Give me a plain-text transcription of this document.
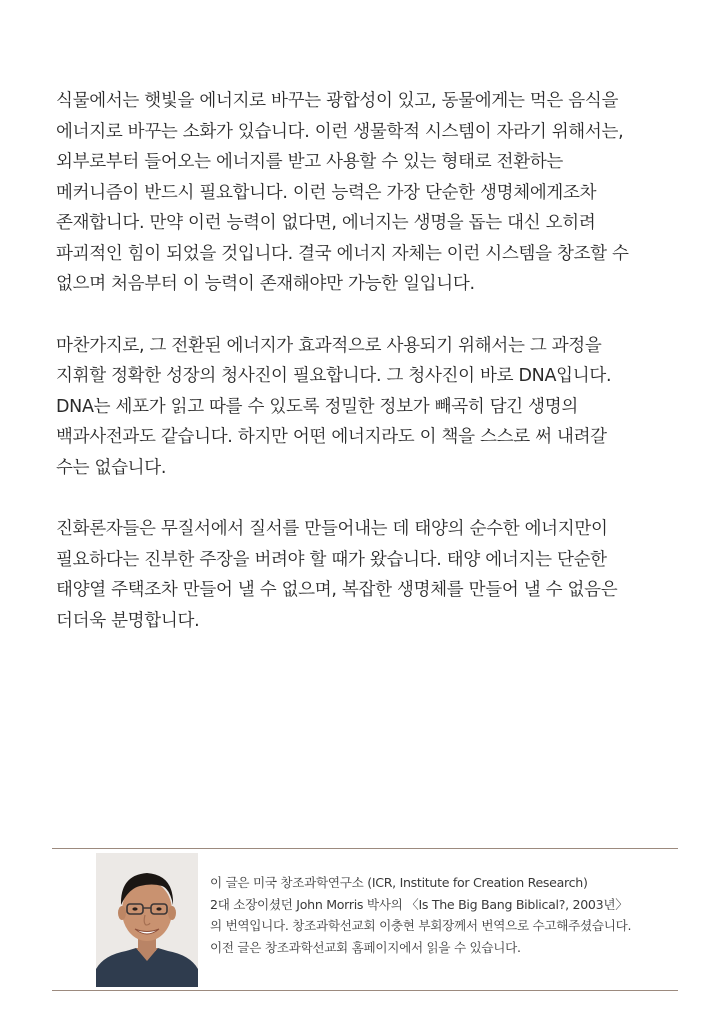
식물에서는 햇빛을 에너지로 바꾸는 광합성이 있고, 동물에게는 먹은 음식을
에너지로 바꾸는 소화가 있습니다. 이런 생물학적 시스템이 자라기 위해서는,
외부로부터 들어오는 에너지를 받고 사용할 수 있는 형태로 전환하는
메커니즘이 반드시 필요합니다. 이런 능력은 가장 단순한 생명체에게조차
존재합니다. 만약 이런 능력이 없다면, 에너지는 생명을 돕는 대신 오히려
파괴적인 힘이 되었을 것입니다. 결국 에너지 자체는 이런 시스템을 창조할 수
없으며 처음부터 이 능력이 존재해야만 가능한 일입니다.

마찬가지로, 그 전환된 에너지가 효과적으로 사용되기 위해서는 그 과정을
지휘할 정확한 성장의 청사진이 필요합니다. 그 청사진이 바로 DNA입니다.
DNA는 세포가 읽고 따를 수 있도록 정밀한 정보가 빼곡히 담긴 생명의
백과사전과도 같습니다. 하지만 어떤 에너지라도 이 책을 스스로 써 내려갈
수는 없습니다.

진화론자들은 무질서에서 질서를 만들어내는 데 태양의 순수한 에너지만이
필요하다는 진부한 주장을 버려야 할 때가 왔습니다. 태양 에너지는 단순한
태양열 주택조차 만들어 낼 수 없으며, 복잡한 생명체를 만들어 낼 수 없음은
더더욱 분명합니다.

이 글은 미국 창조과학연구소 (ICR, Institute for Creation Research)
2대 소장이셨던 John Morris 박사의 〈Is The Big Bang Biblical?, 2003년〉
의 번역입니다. 창조과학선교회 이충현 부회장께서 번역으로 수고해주셨습니다.
이전 글은 창조과학선교회 홈페이지에서 읽을 수 있습니다.
